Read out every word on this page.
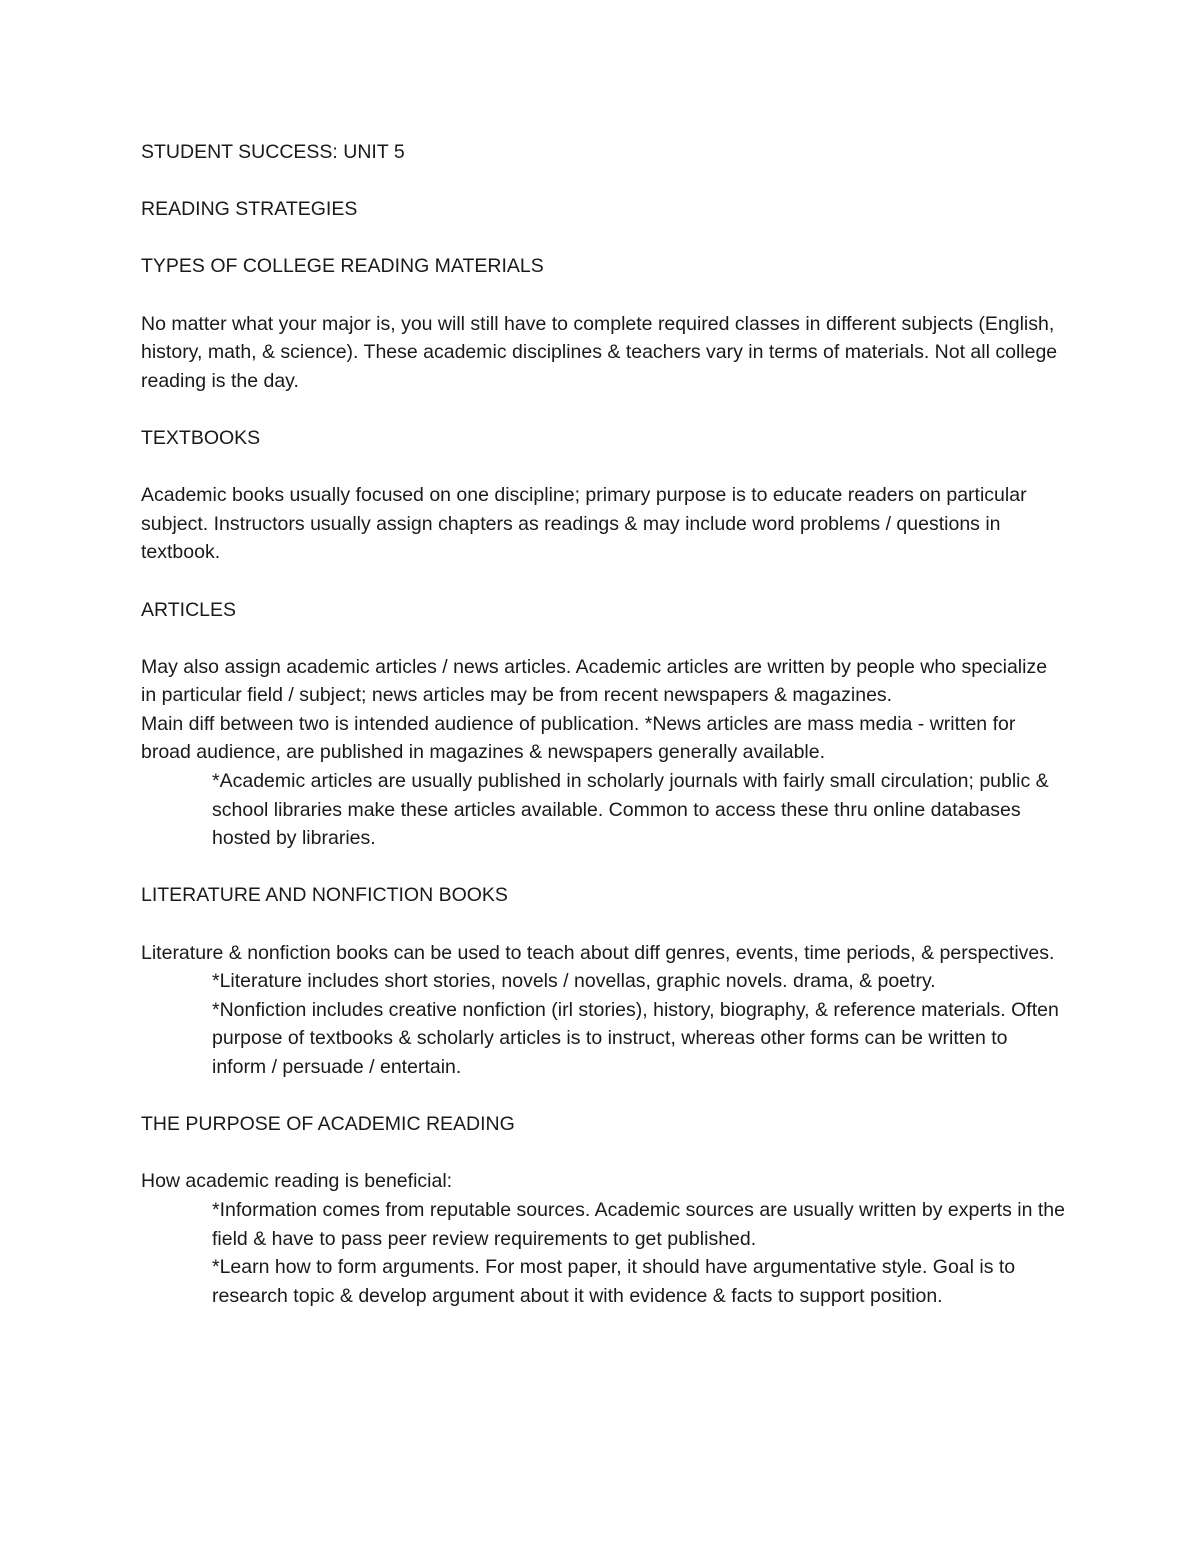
STUDENT SUCCESS: UNIT 5

READING STRATEGIES

TYPES OF COLLEGE READING MATERIALS

No matter what your major is, you will still have to complete required classes in different subjects (English, history, math, & science). These academic disciplines & teachers vary in terms of materials. Not all college reading is the day.

TEXTBOOKS

Academic books usually focused on one discipline; primary purpose is to educate readers on particular subject. Instructors usually assign chapters as readings & may include word problems / questions in textbook.

ARTICLES

May also assign academic articles / news articles. Academic articles are written by people who specialize in particular field / subject; news articles may be from recent newspapers & magazines.

Main diff between two is intended audience of publication. *News articles are mass media - written for broad audience, are published in magazines & newspapers generally available.

*Academic articles are usually published in scholarly journals with fairly small circulation; public & school libraries make these articles available. Common to access these thru online databases hosted by libraries.

LITERATURE AND NONFICTION BOOKS

Literature & nonfiction books can be used to teach about diff genres, events, time periods, & perspectives.

*Literature includes short stories, novels / novellas, graphic novels. drama, & poetry.

*Nonfiction includes creative nonfiction (irl stories), history, biography, & reference materials. Often purpose of textbooks & scholarly articles is to instruct, whereas other forms can be written to inform / persuade / entertain.

THE PURPOSE OF ACADEMIC READING

How academic reading is beneficial:

*Information comes from reputable sources. Academic sources are usually written by experts in the field & have to pass peer review requirements to get published.

*Learn how to form arguments. For most paper, it should have argumentative style. Goal is to research topic & develop argument about it with evidence & facts to support position.
